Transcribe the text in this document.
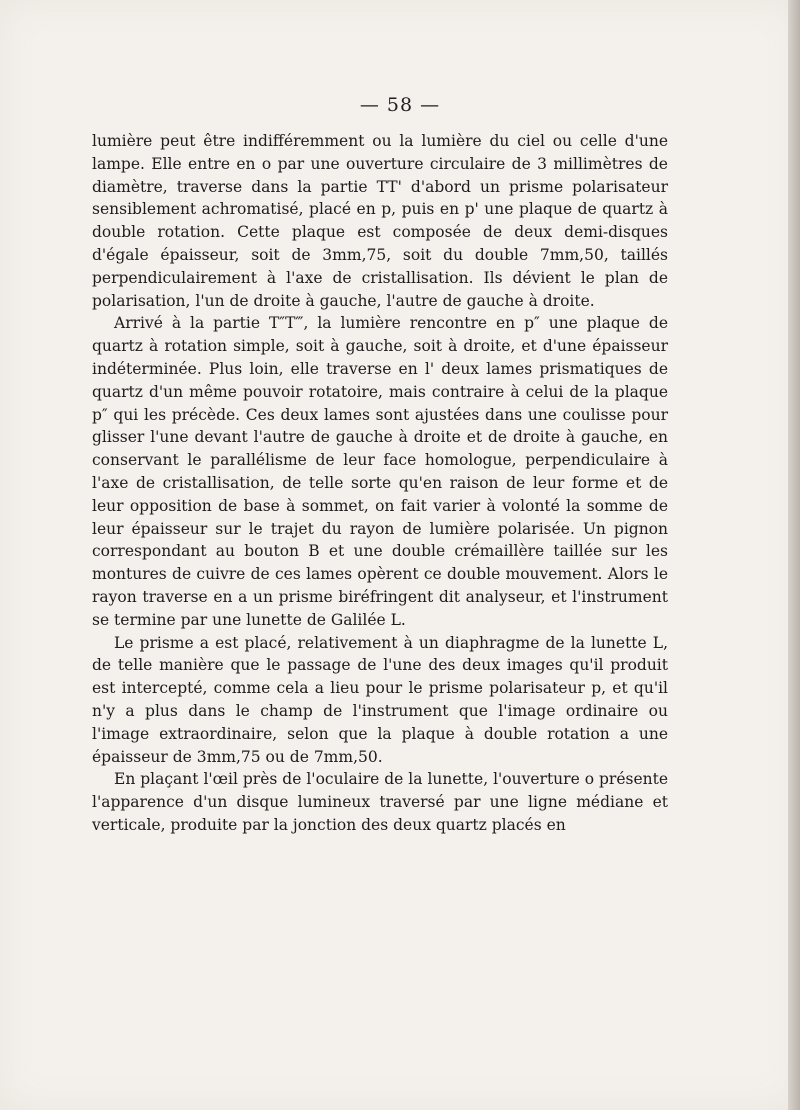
— 58 —

lumière peut être indifféremment ou la lumière du ciel ou celle d'une lampe. Elle entre en o par une ouverture circulaire de 3 millimètres de diamètre, traverse dans la partie TT' d'abord un prisme polarisateur sensiblement achromatisé, placé en p, puis en p' une plaque de quartz à double rotation. Cette plaque est composée de deux demi-disques d'égale épaisseur, soit de 3mm,75, soit du double 7mm,50, taillés perpendiculairement à l'axe de cristallisation. Ils dévient le plan de polarisation, l'un de droite à gauche, l'autre de gauche à droite.

Arrivé à la partie T″T‴, la lumière rencontre en p″ une plaque de quartz à rotation simple, soit à gauche, soit à droite, et d'une épaisseur indéterminée. Plus loin, elle traverse en l' deux lames prismatiques de quartz d'un même pouvoir rotatoire, mais contraire à celui de la plaque p″ qui les précède. Ces deux lames sont ajustées dans une coulisse pour glisser l'une devant l'autre de gauche à droite et de droite à gauche, en conservant le parallélisme de leur face homologue, perpendiculaire à l'axe de cristallisation, de telle sorte qu'en raison de leur forme et de leur opposition de base à sommet, on fait varier à volonté la somme de leur épaisseur sur le trajet du rayon de lumière polarisée. Un pignon correspondant au bouton B et une double crémaillère taillée sur les montures de cuivre de ces lames opèrent ce double mouvement. Alors le rayon traverse en a un prisme biréfringent dit analyseur, et l'instrument se termine par une lunette de Galilée L.

Le prisme a est placé, relativement à un diaphragme de la lunette L, de telle manière que le passage de l'une des deux images qu'il produit est intercepté, comme cela a lieu pour le prisme polarisateur p, et qu'il n'y a plus dans le champ de l'instrument que l'image ordinaire ou l'image extraordinaire, selon que la plaque à double rotation a une épaisseur de 3mm,75 ou de 7mm,50.

En plaçant l'œil près de l'oculaire de la lunette, l'ouverture o présente l'apparence d'un disque lumineux traversé par une ligne médiane et verticale, produite par la jonction des deux quartz placés en
